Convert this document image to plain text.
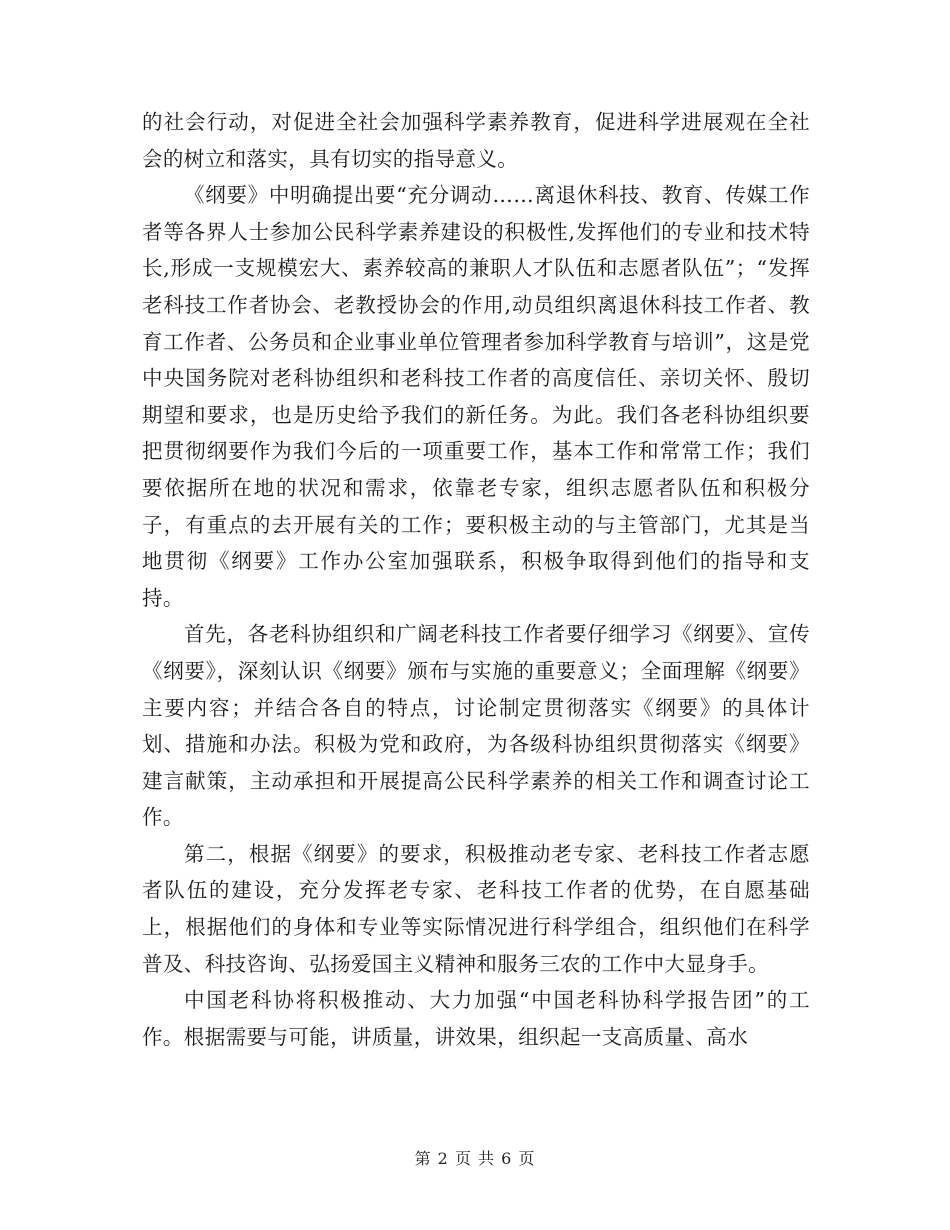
的社会行动，对促进全社会加强科学素养教育，促进科学进展观在全社会的树立和落实，具有切实的指导意义。

《纲要》中明确提出要“充分调动……离退休科技、教育、传媒工作者等各界人士参加公民科学素养建设的积极性,发挥他们的专业和技术特长,形成一支规模宏大、素养较高的兼职人才队伍和志愿者队伍”；“发挥老科技工作者协会、老教授协会的作用,动员组织离退休科技工作者、教育工作者、公务员和企业事业单位管理者参加科学教育与培训”，这是党中央国务院对老科协组织和老科技工作者的高度信任、亲切关怀、殷切期望和要求，也是历史给予我们的新任务。为此。我们各老科协组织要把贯彻纲要作为我们今后的一项重要工作，基本工作和常常工作；我们要依据所在地的状况和需求，依靠老专家，组织志愿者队伍和积极分子，有重点的去开展有关的工作；要积极主动的与主管部门，尤其是当地贯彻《纲要》工作办公室加强联系，积极争取得到他们的指导和支持。

首先，各老科协组织和广阔老科技工作者要仔细学习《纲要》、宣传《纲要》，深刻认识《纲要》颁布与实施的重要意义；全面理解《纲要》主要内容；并结合各自的特点，讨论制定贯彻落实《纲要》的具体计划、措施和办法。积极为党和政府，为各级科协组织贯彻落实《纲要》建言献策，主动承担和开展提高公民科学素养的相关工作和调查讨论工作。

第二，根据《纲要》的要求，积极推动老专家、老科技工作者志愿者队伍的建设，充分发挥老专家、老科技工作者的优势，在自愿基础上，根据他们的身体和专业等实际情况进行科学组合，组织他们在科学普及、科技咨询、弘扬爱国主义精神和服务三农的工作中大显身手。

中国老科协将积极推动、大力加强“中国老科协科学报告团”的工作。根据需要与可能，讲质量，讲效果，组织起一支高质量、高水

第 2 页 共 6 页
